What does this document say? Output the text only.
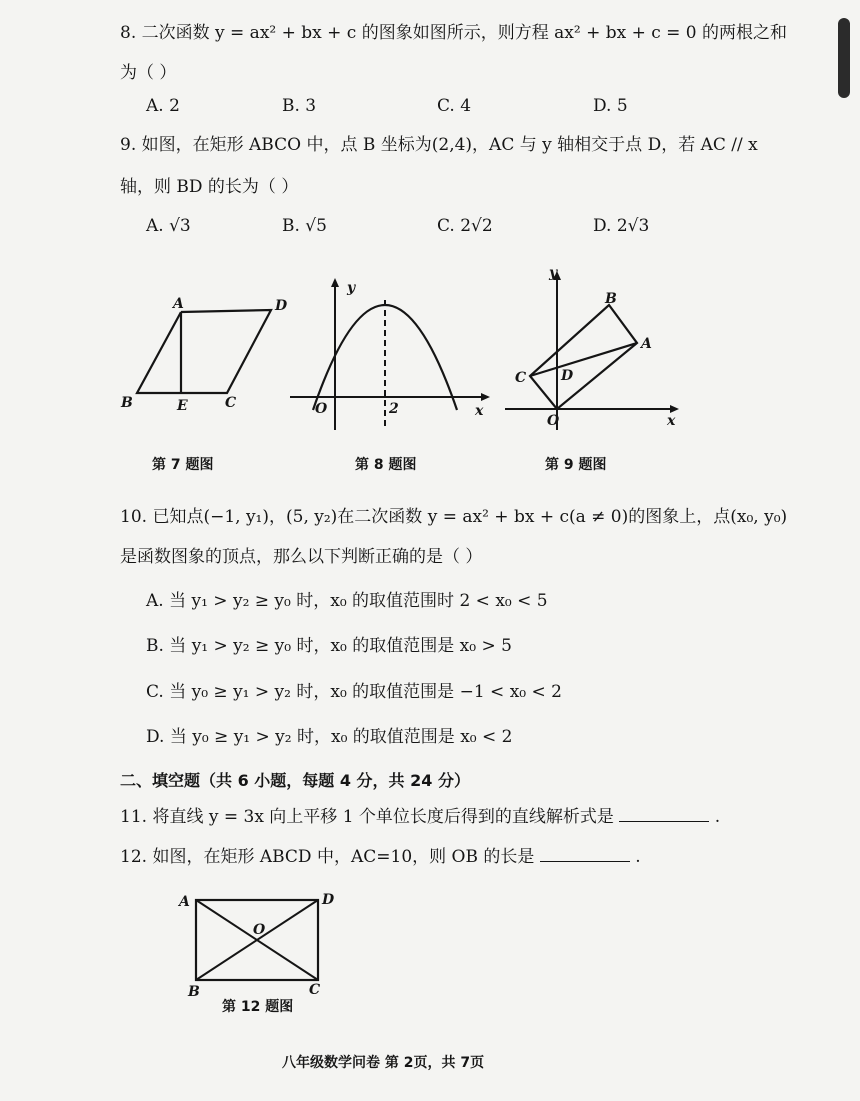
8. 二次函数 y = ax² + bx + c 的图象如图所示，则方程 ax² + bx + c = 0 的两根之和
为（ ）
A. 2	B. 3	C. 4	D. 5
9. 如图，在矩形 ABCO 中，点 B 坐标为(2,4)，AC 与 y 轴相交于点 D，若 AC // x
轴，则 BD 的长为（ ）
A. √3	B. √5	C. 2√2	D. 2√3
A	D
B	E	C
第 7 题图
y
O	2	x
第 8 题图
y
B
A
C D
O	x
第 9 题图
10. 已知点(−1, y₁)，(5, y₂)在二次函数 y = ax² + bx + c(a ≠ 0)的图象上，点(x₀, y₀)
是函数图象的顶点，那么以下判断正确的是（ ）
A. 当 y₁ > y₂ ≥ y₀ 时，x₀ 的取值范围时 2 < x₀ < 5
B. 当 y₁ > y₂ ≥ y₀ 时，x₀ 的取值范围是 x₀ > 5
C. 当 y₀ ≥ y₁ > y₂ 时，x₀ 的取值范围是 −1 < x₀ < 2
D. 当 y₀ ≥ y₁ > y₂ 时，x₀ 的取值范围是 x₀ < 2
二、填空题（共 6 小题，每题 4 分，共 24 分）
11. 将直线 y = 3x 向上平移 1 个单位长度后得到的直线解析式是	.
12. 如图，在矩形 ABCD 中，AC=10，则 OB 的长是	.
A	D
O
B	C
第 12 题图
八年级数学问卷 第 2页，共 7页
